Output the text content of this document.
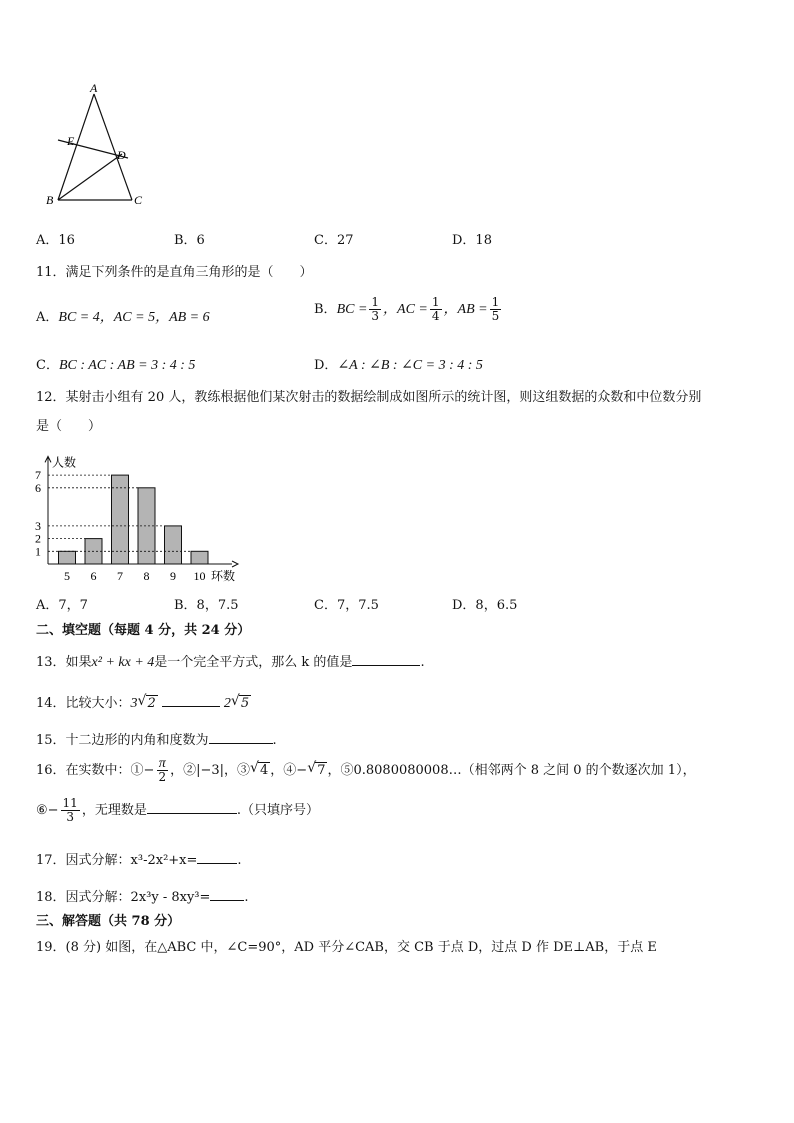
A
E
D
B	C
A．16	B．6	C．27	D．18
11．满足下列条件的是直角三角形的是（　　）
A．BC = 4，AC = 5，AB = 6
B．BC = $\frac{1}{3}$ ，AC = $\frac{1}{4}$ ，AB = $\frac{1}{5}$
C．BC : AC : AB = 3 : 4 : 5	D．∠A : ∠B : ∠C = 3 : 4 : 5
12．某射击小组有 20 人，教练根据他们某次射击的数据绘制成如图所示的统计图，则这组数据的众数和中位数分别
是（　　）
人数
环数
5 6 7 8 9 10
1
2
3
6
7
A．7，7	B．8，7.5	C．7，7.5	D．8，6.5
二、填空题（每题 4 分，共 24 分）
13．如果x² + kx + 4是一个完全平方式，那么 k 的值是	.
14．比较大小：3 √ 2	2 √ 5
15．十二边形的内角和度数为	.
16．在实数中：①− $\frac{\pi}{2}$ ，②|−3|，③ √ 4 ，④− √ 7 ，⑤0.8080080008…（相邻两个 8 之间 0 的个数逐次加 1），
⑥− $\frac{11}{3}$ ，无理数是	.（只填序号）
17．因式分解：x³-2x²+x=	.
18．因式分解：2x³y - 8xy³=	.
三、解答题（共 78 分）
19．(8 分) 如图，在△ABC 中，∠C=90°，AD 平分∠CAB，交 CB 于点 D，过点 D 作 DE⊥AB，于点 E
